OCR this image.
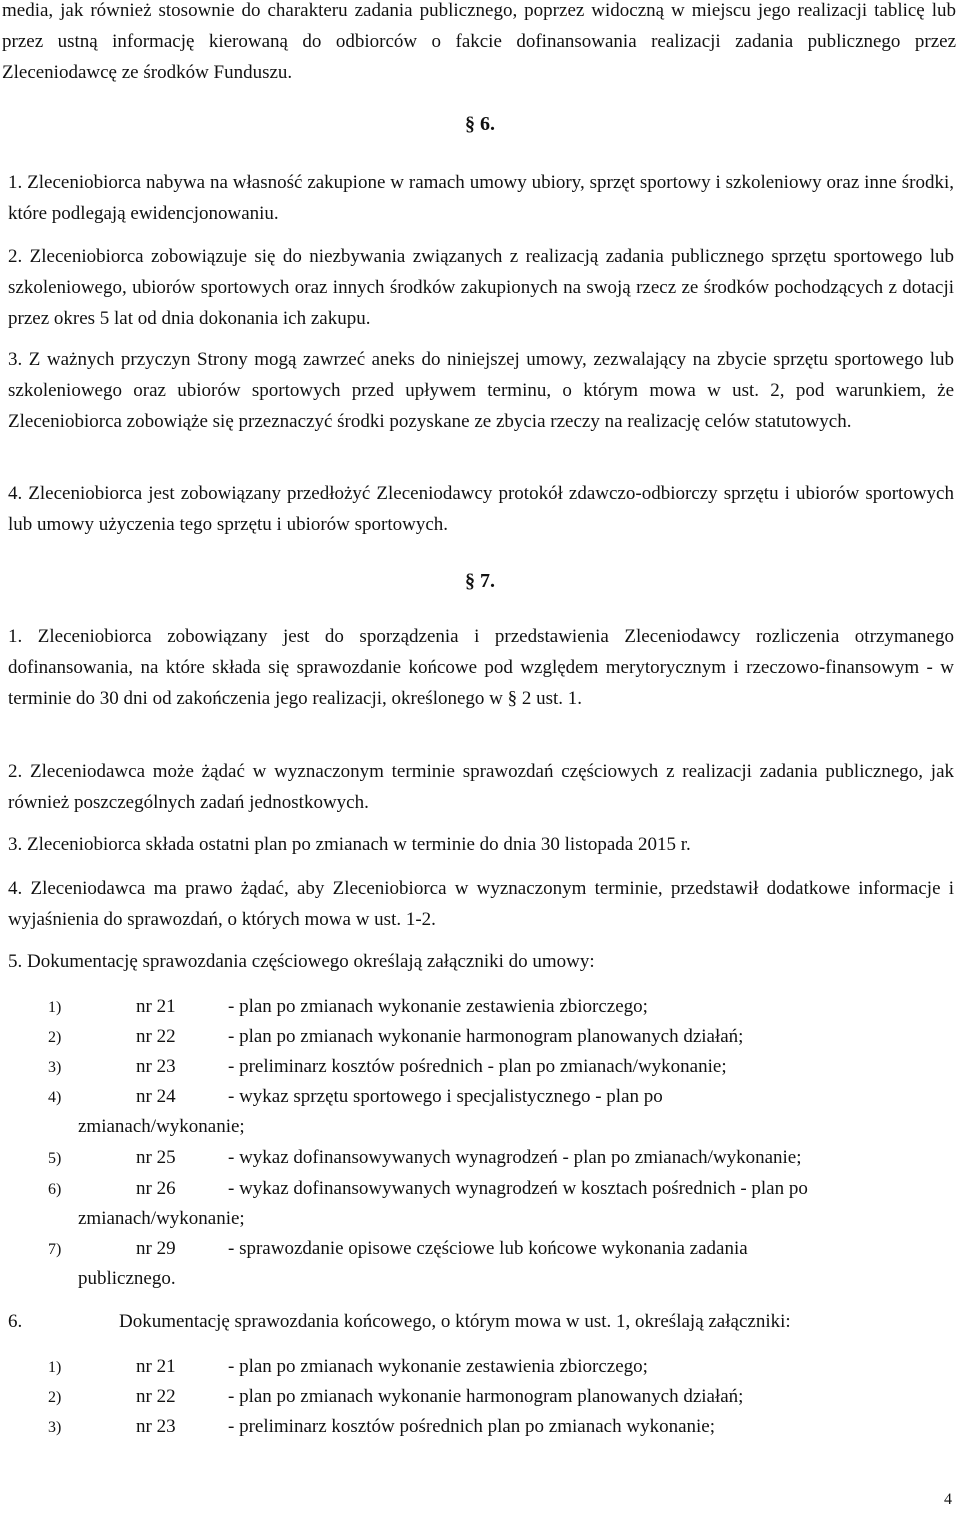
media, jak również stosownie do charakteru zadania publicznego, poprzez widoczną w miejscu jego realizacji tablicę lub przez ustną informację kierowaną do odbiorców o fakcie dofinansowania realizacji zadania publicznego przez Zleceniodawcę ze środków Funduszu.
§ 6.
1. Zleceniobiorca nabywa na własność zakupione w ramach umowy ubiory, sprzęt sportowy i szkoleniowy oraz inne środki, które podlegają ewidencjonowaniu.
2. Zleceniobiorca zobowiązuje się do niezbywania związanych z realizacją zadania publicznego sprzętu sportowego lub szkoleniowego, ubiorów sportowych oraz innych środków zakupionych na swoją rzecz ze środków pochodzących z dotacji przez okres 5 lat od dnia dokonania ich zakupu.
3. Z ważnych przyczyn Strony mogą zawrzeć aneks do niniejszej umowy, zezwalający na zbycie sprzętu sportowego lub szkoleniowego oraz ubiorów sportowych przed upływem terminu, o którym mowa w ust. 2, pod warunkiem, że Zleceniobiorca zobowiąże się przeznaczyć środki pozyskane ze zbycia rzeczy na realizację celów statutowych.
4. Zleceniobiorca jest zobowiązany przedłożyć Zleceniodawcy protokół zdawczo-odbiorczy sprzętu i ubiorów sportowych lub umowy użyczenia tego sprzętu i ubiorów sportowych.
§ 7.
1. Zleceniobiorca zobowiązany jest do sporządzenia i przedstawienia Zleceniodawcy rozliczenia otrzymanego dofinansowania, na które składa się sprawozdanie końcowe pod względem merytorycznym i rzeczowo-finansowym - w terminie do 30 dni od zakończenia jego realizacji, określonego w § 2 ust. 1.
2. Zleceniodawca może żądać w wyznaczonym terminie sprawozdań częściowych z realizacji zadania publicznego, jak również poszczególnych zadań jednostkowych.
3. Zleceniobiorca składa ostatni plan po zmianach w terminie do dnia 30 listopada 2015 r.
4. Zleceniodawca ma prawo żądać, aby Zleceniobiorca w wyznaczonym terminie, przedstawił dodatkowe informacje i wyjaśnienia do sprawozdań, o których mowa w ust. 1-2.
5. Dokumentację sprawozdania częściowego określają załączniki do umowy:
1)	nr 21	- plan po zmianach wykonanie zestawienia zbiorczego;
2)	nr 22	- plan po zmianach wykonanie harmonogram planowanych działań;
3)	nr 23	- preliminarz kosztów pośrednich - plan po zmianach/wykonanie;
4)	nr 24	- wykaz sprzętu sportowego i specjalistycznego - plan po
zmianach/wykonanie;
5)	nr 25	- wykaz dofinansowywanych wynagrodzeń - plan po zmianach/wykonanie;
6)	nr 26	- wykaz dofinansowywanych wynagrodzeń w kosztach pośrednich - plan po
zmianach/wykonanie;
7)	nr 29	- sprawozdanie opisowe częściowe lub końcowe wykonania zadania
publicznego.
6.	Dokumentację sprawozdania końcowego, o którym mowa w ust. 1, określają załączniki:
1)	nr 21	- plan po zmianach wykonanie zestawienia zbiorczego;
2)	nr 22	- plan po zmianach wykonanie harmonogram planowanych działań;
3)	nr 23	- preliminarz kosztów pośrednich plan po zmianach wykonanie;
4
